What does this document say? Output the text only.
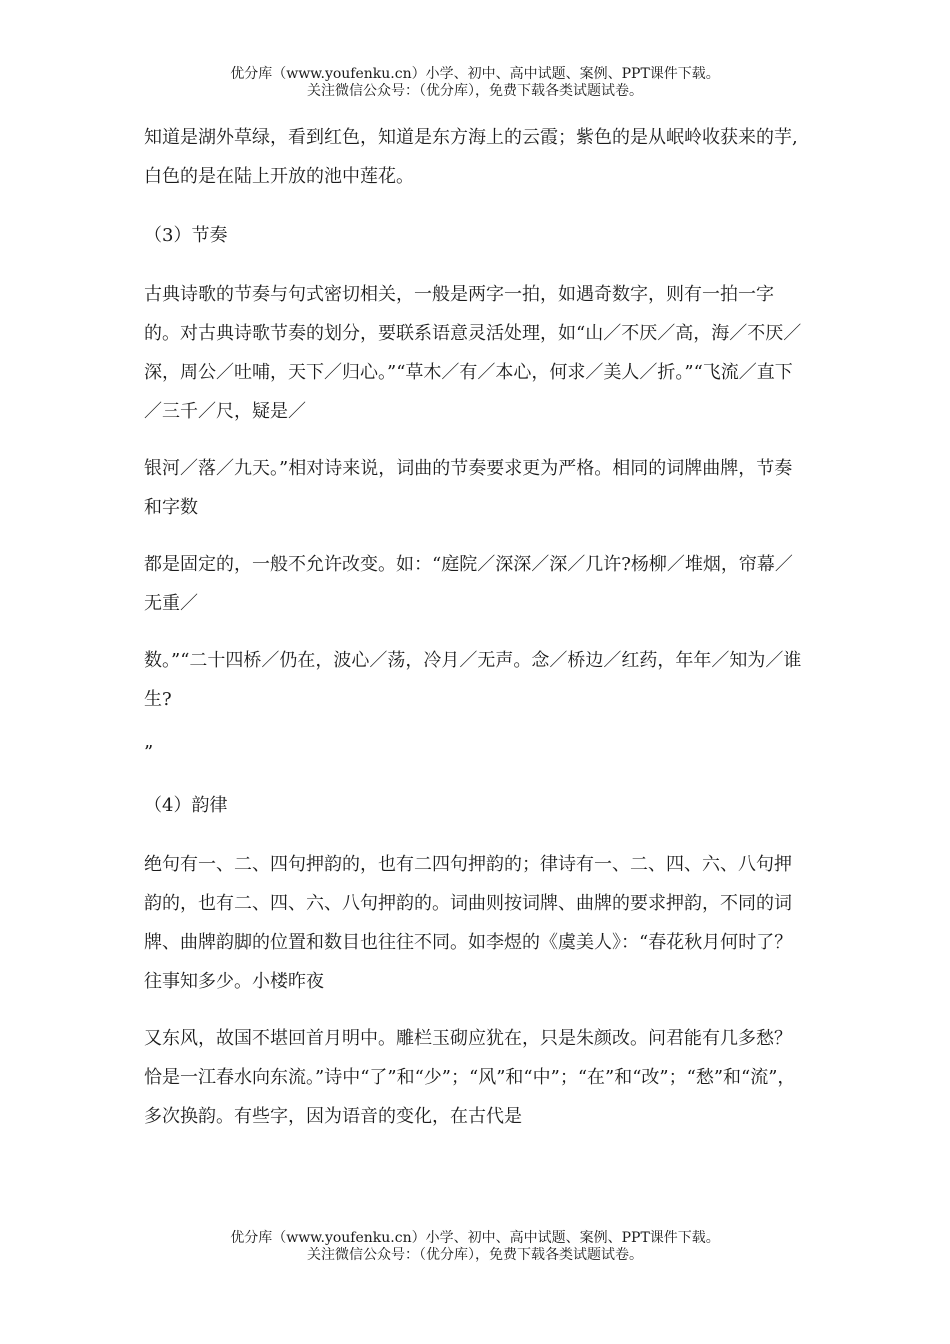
优分库（www.youfenku.cn）小学、初中、高中试题、案例、PPT课件下载。
关注微信公众号：（优分库），免费下载各类试题试卷。

知道是湖外草绿，看到红色，知道是东方海上的云霞；紫色的是从岷岭收获来的芋,白色的是在陆上开放的池中莲花。

（3）节奏

古典诗歌的节奏与句式密切相关，一般是两字一拍，如遇奇数字，则有一拍一字的。对古典诗歌节奏的划分，要联系语意灵活处理，如“山／不厌／高，海／不厌／深，周公／吐哺，天下／归心。”“草木／有／本心，何求／美人／折。”“飞流／直下／三千／尺，疑是／

银河／落／九天。”相对诗来说，词曲的节奏要求更为严格。相同的词牌曲牌，节奏和字数

都是固定的，一般不允许改变。如：“庭院／深深／深／几许?杨柳／堆烟，帘幕／无重／

数。”“二十四桥／仍在，波心／荡，冷月／无声。念／桥边／红药，年年／知为／谁生?

”

（4）韵律

绝句有一、二、四句押韵的，也有二四句押韵的；律诗有一、二、四、六、八句押韵的，也有二、四、六、八句押韵的。词曲则按词牌、曲牌的要求押韵，不同的词牌、曲牌韵脚的位置和数目也往往不同。如李煜的《虞美人》：“春花秋月何时了？往事知多少。小楼昨夜

又东风，故国不堪回首月明中。雕栏玉砌应犹在，只是朱颜改。问君能有几多愁？恰是一江春水向东流。”诗中“了”和“少”；“风”和“中”；“在”和“改”；“愁”和“流”，多次换韵。有些字，因为语音的变化，在古代是

优分库（www.youfenku.cn）小学、初中、高中试题、案例、PPT课件下载。
关注微信公众号：（优分库），免费下载各类试题试卷。
